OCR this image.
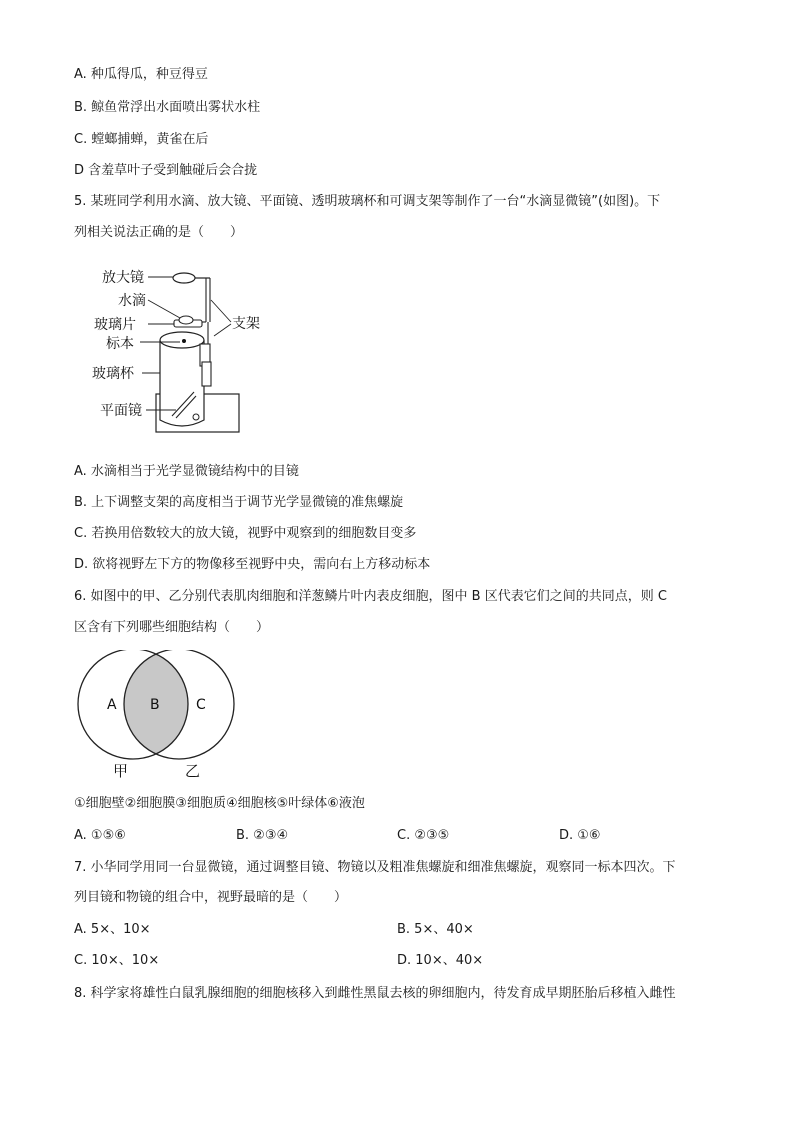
A. 种瓜得瓜，种豆得豆
B. 鲸鱼常浮出水面喷出雾状水柱
C. 螳螂捕蝉，黄雀在后
D 含羞草叶子受到触碰后会合拢
5. 某班同学利用水滴、放大镜、平面镜、透明玻璃杯和可调支架等制作了一台“水滴显微镜”(如图)。下
列相关说法正确的是（　　）
放大镜
水滴
玻璃片
标本
玻璃杯
平面镜
支架
A. 水滴相当于光学显微镜结构中的目镜
B. 上下调整支架的高度相当于调节光学显微镜的准焦螺旋
C. 若换用倍数较大的放大镜，视野中观察到的细胞数目变多
D. 欲将视野左下方的物像移至视野中央，需向右上方移动标本
6. 如图中的甲、乙分别代表肌肉细胞和洋葱鳞片叶内表皮细胞，图中 B 区代表它们之间的共同点，则 C
区含有下列哪些细胞结构（　　）
A B	C
甲	乙
①细胞壁②细胞膜③细胞质④细胞核⑤叶绿体⑥液泡
A. ①⑤⑥	B. ②③④	C. ②③⑤	D. ①⑥
7. 小华同学用同一台显微镜，通过调整目镜、物镜以及粗准焦螺旋和细准焦螺旋，观察同一标本四次。下
列目镜和物镜的组合中，视野最暗的是（　　）
A. 5×、10×	B. 5×、40×
C. 10×、10×	D. 10×、40×
8. 科学家将雄性白鼠乳腺细胞的细胞核移入到雌性黑鼠去核的卵细胞内，待发育成早期胚胎后移植入雌性
